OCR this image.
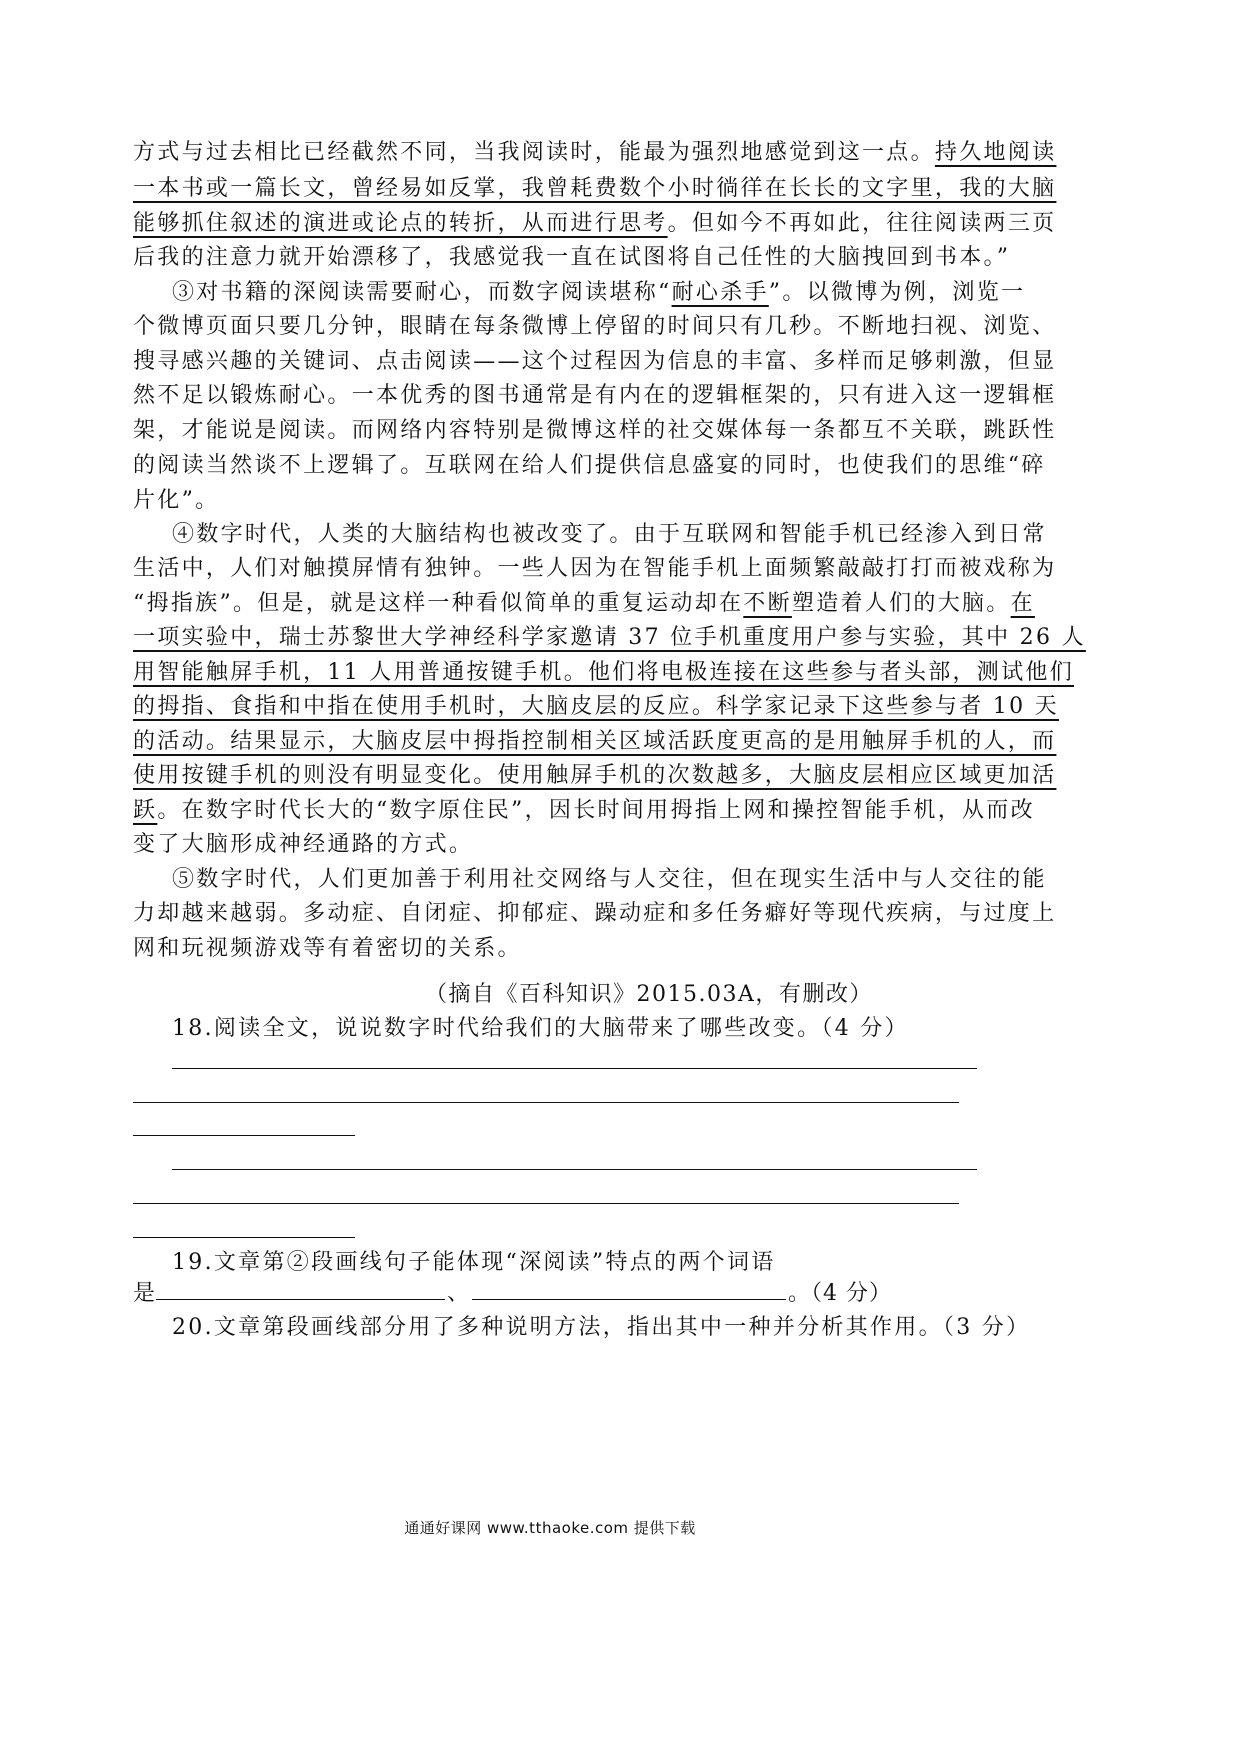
方式与过去相比已经截然不同，当我阅读时，能最为强烈地感觉到这一点。持久地阅读
一本书或一篇长文，曾经易如反掌，我曾耗费数个小时徜徉在长长的文字里，我的大脑
能够抓住叙述的演进或论点的转折，从而进行思考。但如今不再如此，往往阅读两三页
后我的注意力就开始漂移了，我感觉我一直在试图将自己任性的大脑拽回到书本。”
③对书籍的深阅读需要耐心，而数字阅读堪称“耐心杀手”。以微博为例，浏览一
个微博页面只要几分钟，眼睛在每条微博上停留的时间只有几秒。不断地扫视、浏览、
搜寻感兴趣的关键词、点击阅读——这个过程因为信息的丰富、多样而足够刺激，但显
然不足以锻炼耐心。一本优秀的图书通常是有内在的逻辑框架的，只有进入这一逻辑框
架，才能说是阅读。而网络内容特别是微博这样的社交媒体每一条都互不关联，跳跃性
的阅读当然谈不上逻辑了。互联网在给人们提供信息盛宴的同时，也使我们的思维“碎
片化”。
④数字时代，人类的大脑结构也被改变了。由于互联网和智能手机已经渗入到日常
生活中，人们对触摸屏情有独钟。一些人因为在智能手机上面频繁敲敲打打而被戏称为
“拇指族”。但是，就是这样一种看似简单的重复运动却在不断塑造着人们的大脑。在
一项实验中，瑞士苏黎世大学神经科学家邀请 37 位手机重度用户参与实验，其中 26 人
用智能触屏手机，11 人用普通按键手机。他们将电极连接在这些参与者头部，测试他们
的拇指、食指和中指在使用手机时，大脑皮层的反应。科学家记录下这些参与者 10 天
的活动。结果显示，大脑皮层中拇指控制相关区域活跃度更高的是用触屏手机的人，而
使用按键手机的则没有明显变化。使用触屏手机的次数越多，大脑皮层相应区域更加活
跃。在数字时代长大的“数字原住民”，因长时间用拇指上网和操控智能手机，从而改
变了大脑形成神经通路的方式。
⑤数字时代，人们更加善于利用社交网络与人交往，但在现实生活中与人交往的能
力却越来越弱。多动症、自闭症、抑郁症、躁动症和多任务癖好等现代疾病，与过度上
网和玩视频游戏等有着密切的关系。
（摘自《百科知识》2015.03A，有删改）
18.阅读全文，说说数字时代给我们的大脑带来了哪些改变。（4 分）
19.文章第②段画线句子能体现“深阅读”特点的两个词语
是	、	。（4 分）
20.文章第段画线部分用了多种说明方法，指出其中一种并分析其作用。（3 分）
通通好课网 www.tthaoke.com 提供下载
